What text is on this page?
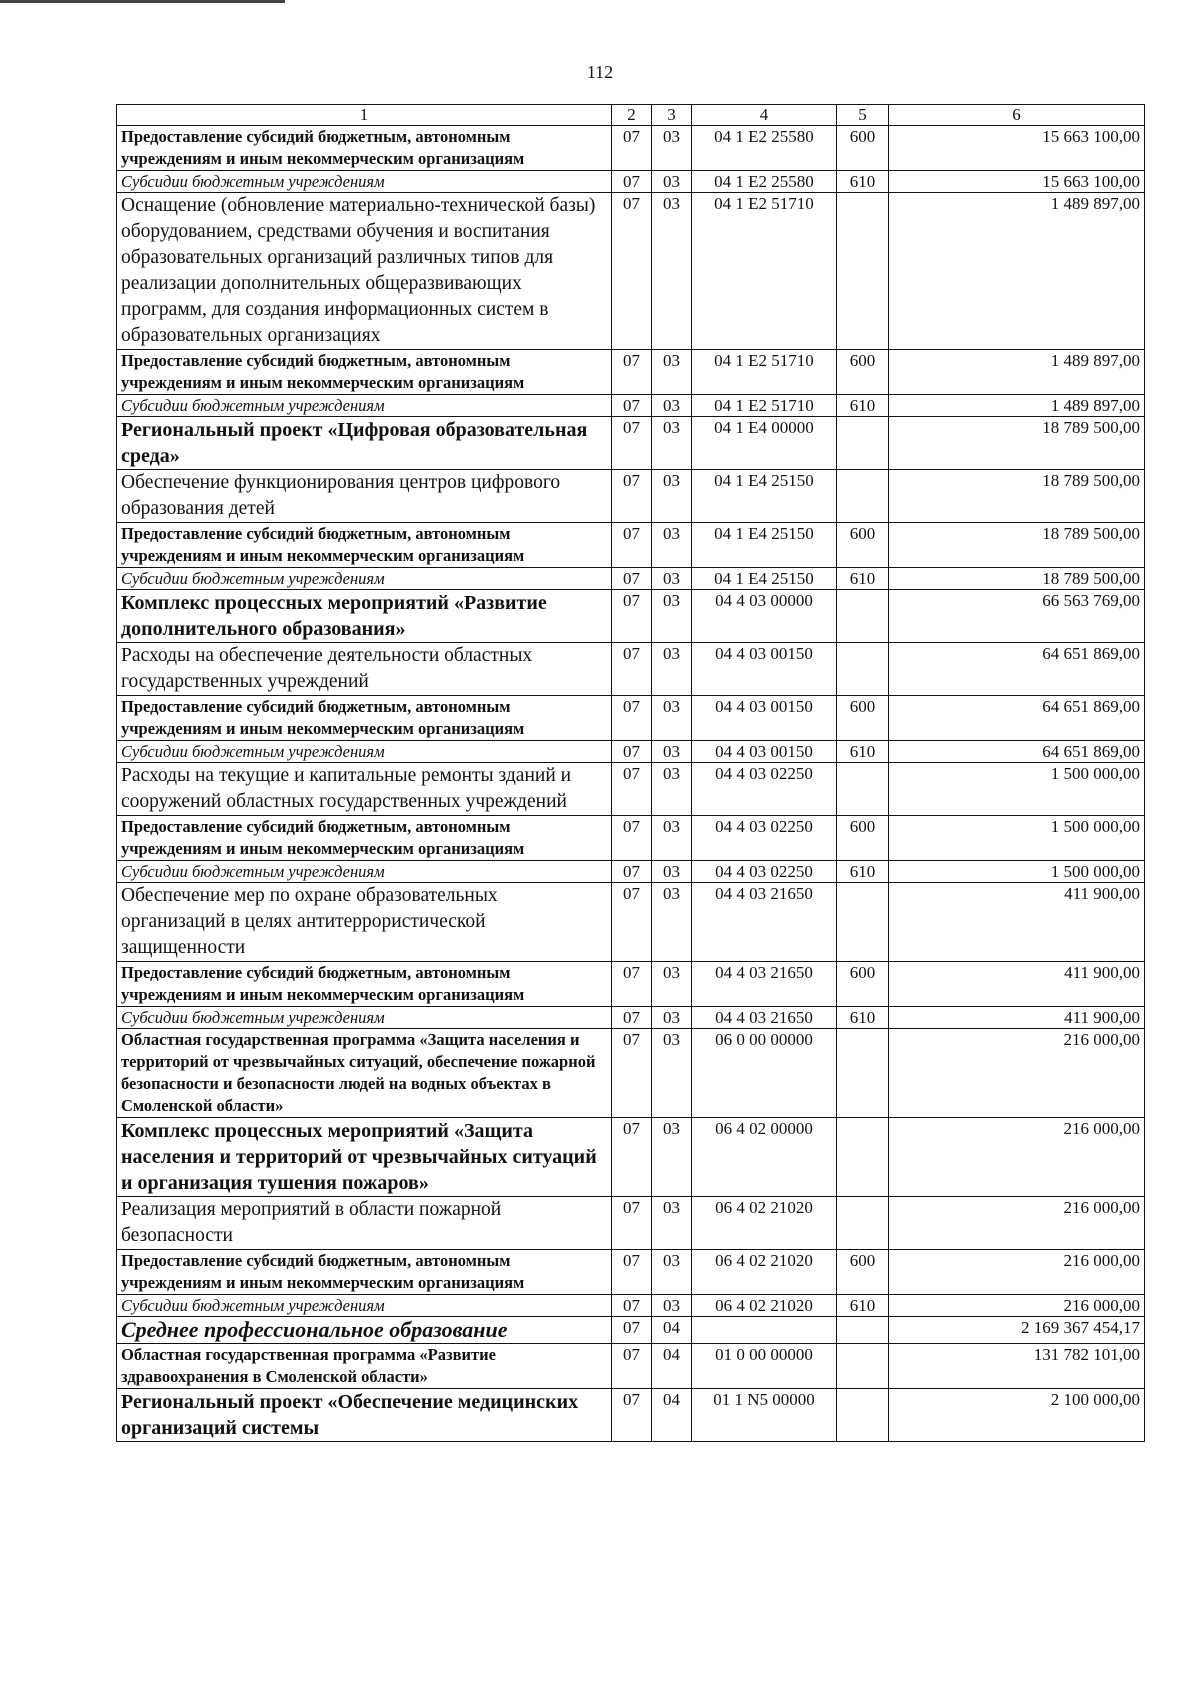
112
1	2	3	4	5	6
Предоставление субсидий бюджетным, автономным учреждениям и иным некоммерческим организациям	07	03	04 1 E2 25580	600	15 663 100,00
Субсидии бюджетным учреждениям	07	03	04 1 E2 25580	610	15 663 100,00
Оснащение (обновление материально-технической базы) оборудованием, средствами обучения и воспитания образовательных организаций различных типов для реализации дополнительных общеразвивающих программ, для создания информационных систем в образовательных организациях	07	03	04 1 E2 51710		1 489 897,00
Предоставление субсидий бюджетным, автономным учреждениям и иным некоммерческим организациям	07	03	04 1 E2 51710	600	1 489 897,00
Субсидии бюджетным учреждениям	07	03	04 1 E2 51710	610	1 489 897,00
Региональный проект «Цифровая образовательная среда»	07	03	04 1 E4 00000		18 789 500,00
Обеспечение функционирования центров цифрового образования детей	07	03	04 1 E4 25150		18 789 500,00
Предоставление субсидий бюджетным, автономным учреждениям и иным некоммерческим организациям	07	03	04 1 E4 25150	600	18 789 500,00
Субсидии бюджетным учреждениям	07	03	04 1 E4 25150	610	18 789 500,00
Комплекс процессных мероприятий «Развитие дополнительного образования»	07	03	04 4 03 00000		66 563 769,00
Расходы на обеспечение деятельности областных государственных учреждений	07	03	04 4 03 00150		64 651 869,00
Предоставление субсидий бюджетным, автономным учреждениям и иным некоммерческим организациям	07	03	04 4 03 00150	600	64 651 869,00
Субсидии бюджетным учреждениям	07	03	04 4 03 00150	610	64 651 869,00
Расходы на текущие и капитальные ремонты зданий и сооружений областных государственных учреждений	07	03	04 4 03 02250		1 500 000,00
Предоставление субсидий бюджетным, автономным учреждениям и иным некоммерческим организациям	07	03	04 4 03 02250	600	1 500 000,00
Субсидии бюджетным учреждениям	07	03	04 4 03 02250	610	1 500 000,00
Обеспечение мер по охране образовательных организаций в целях антитеррористической защищенности	07	03	04 4 03 21650		411 900,00
Предоставление субсидий бюджетным, автономным учреждениям и иным некоммерческим организациям	07	03	04 4 03 21650	600	411 900,00
Субсидии бюджетным учреждениям	07	03	04 4 03 21650	610	411 900,00
Областная государственная программа «Защита населения и территорий от чрезвычайных ситуаций, обеспечение пожарной безопасности и безопасности людей на водных объектах в Смоленской области»	07	03	06 0 00 00000		216 000,00
Комплекс процессных мероприятий «Защита населения и территорий от чрезвычайных ситуаций и организация тушения пожаров»	07	03	06 4 02 00000		216 000,00
Реализация мероприятий в области пожарной безопасности	07	03	06 4 02 21020		216 000,00
Предоставление субсидий бюджетным, автономным учреждениям и иным некоммерческим организациям	07	03	06 4 02 21020	600	216 000,00
Субсидии бюджетным учреждениям	07	03	06 4 02 21020	610	216 000,00
Среднее профессиональное образование	07	04			2 169 367 454,17
Областная государственная программа «Развитие здравоохранения в Смоленской области»	07	04	01 0 00 00000		131 782 101,00
Региональный проект «Обеспечение медицинских организаций системы	07	04	01 1 N5 00000		2 100 000,00
